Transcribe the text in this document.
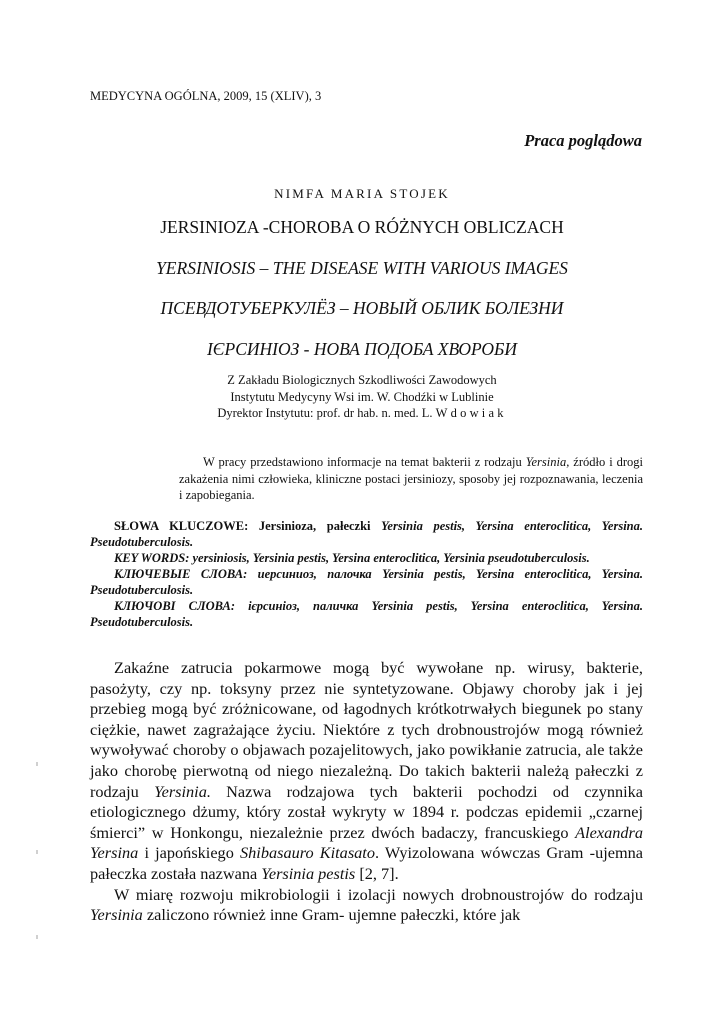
MEDYCYNA OGÓLNA, 2009, 15 (XLIV), 3
Praca poglądowa
NIMFA MARIA STOJEK
JERSINIOZA -CHOROBA O RÓŻNYCH OBLICZACH
YERSINIOSIS – THE DISEASE WITH VARIOUS IMAGES
ПСЕВДОТУБЕРКУЛЁЗ – НОВЫЙ ОБЛИК БОЛЕЗНИ
ІЄРСИНІОЗ - НОВА ПОДОБА ХВОРОБИ
Z Zakładu Biologicznych Szkodliwości Zawodowych
Instytutu Medycyny Wsi im. W. Chodźki w Lublinie
Dyrektor Instytutu: prof. dr hab. n. med. L. Wdowiak
W pracy przedstawiono informacje na temat bakterii z rodzaju Yersinia, źródło i drogi zakażenia nimi człowieka, kliniczne postaci jersiniozy, sposoby jej rozpoznawania, leczenia i zapobiegania.

SŁOWA KLUCZOWE: Jersinioza, pałeczki Yersinia pestis, Yersina enteroclitica, Yersina. Pseudotuberculosis.

KEY WORDS: yersiniosis, Yersinia pestis, Yersina enteroclitica, Yersinia pseudotuberculosis.

КЛЮЧЕВЫЕ СЛОВА: иерсиниоз, палочка Yersinia pestis, Yersina enteroclitica, Yersina. Pseudotuberculosis.

КЛЮЧОВІ СЛОВА: ієрсиніоз, паличка Yersinia pestis, Yersina enteroclitica, Yersina. Pseudotuberculosis.

Zakaźne zatrucia pokarmowe mogą być wywołane np. wirusy, bakterie, pasożyty, czy np. toksyny przez nie syntetyzowane. Objawy choroby jak i jej przebieg mogą być zróżnicowane, od łagodnych krótkotrwałych biegunek po stany ciężkie, nawet zagrażające życiu. Niektóre z tych drobnoustrojów mogą również wywoływać choroby o objawach pozajelitowych, jako powikłanie zatrucia, ale także jako chorobę pierwotną od niego niezależną. Do takich bakterii należą pałeczki z rodzaju Yersinia. Nazwa rodzajowa tych bakterii pochodzi od czynnika etiologicznego dżumy, który został wykryty w 1894 r. podczas epidemii „czarnej śmierci” w Honkongu, niezależnie przez dwóch badaczy, francuskiego Alexandra Yersina i japońskiego Shibasauro Kitasato. Wyizolowana wówczas Gram -ujemna pałeczka została nazwana Yersinia pestis [2, 7].

W miarę rozwoju mikrobiologii i izolacji nowych drobnoustrojów do rodzaju Yersinia zaliczono również inne Gram- ujemne pałeczki, które jak
